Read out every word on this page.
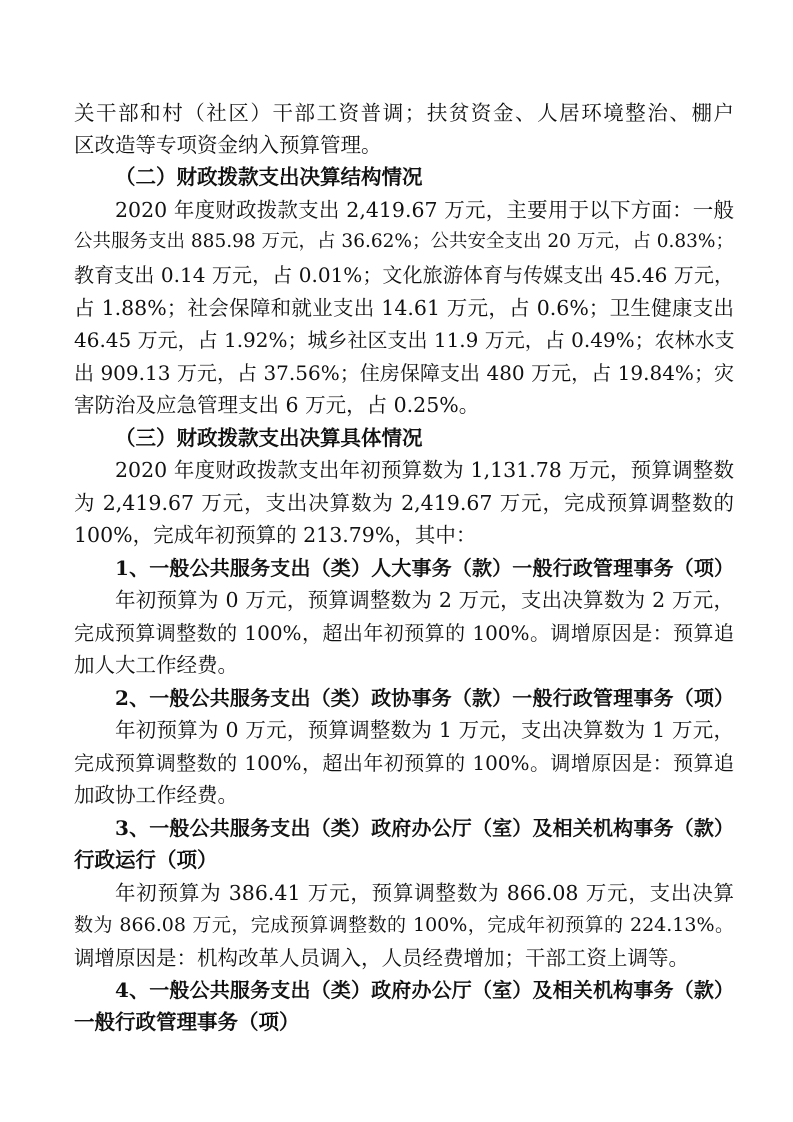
关干部和村（社区）干部工资普调；扶贫资金、人居环境整治、棚户
区改造等专项资金纳入预算管理。
（二）财政拨款支出决算结构情况
2020 年度财政拨款支出 2,419.67 万元，主要用于以下方面：一般
公共服务支出 885.98 万元，占 36.62%；公共安全支出 20 万元，占 0.83%；
教育支出 0.14 万元，占 0.01%；文化旅游体育与传媒支出 45.46 万元，
占 1.88%；社会保障和就业支出 14.61 万元，占 0.6%；卫生健康支出
46.45 万元，占 1.92%；城乡社区支出 11.9 万元，占 0.49%；农林水支
出 909.13 万元，占 37.56%；住房保障支出 480 万元，占 19.84%；灾
害防治及应急管理支出 6 万元，占 0.25%。
（三）财政拨款支出决算具体情况
2020 年度财政拨款支出年初预算数为 1,131.78 万元，预算调整数
为 2,419.67 万元，支出决算数为 2,419.67 万元，完成预算调整数的
100%，完成年初预算的 213.79%，其中：
1、一般公共服务支出（类）人大事务（款）一般行政管理事务（项）
年初预算为 0 万元，预算调整数为 2 万元，支出决算数为 2 万元，
完成预算调整数的 100%，超出年初预算的 100%。调增原因是：预算追
加人大工作经费。
2、一般公共服务支出（类）政协事务（款）一般行政管理事务（项）
年初预算为 0 万元，预算调整数为 1 万元，支出决算数为 1 万元，
完成预算调整数的 100%，超出年初预算的 100%。调增原因是：预算追
加政协工作经费。
3、一般公共服务支出（类）政府办公厅（室）及相关机构事务（款）
行政运行（项）
年初预算为 386.41 万元，预算调整数为 866.08 万元，支出决算
数为 866.08 万元，完成预算调整数的 100%，完成年初预算的 224.13%。
调增原因是：机构改革人员调入，人员经费增加；干部工资上调等。
4、一般公共服务支出（类）政府办公厅（室）及相关机构事务（款）
一般行政管理事务（项）
